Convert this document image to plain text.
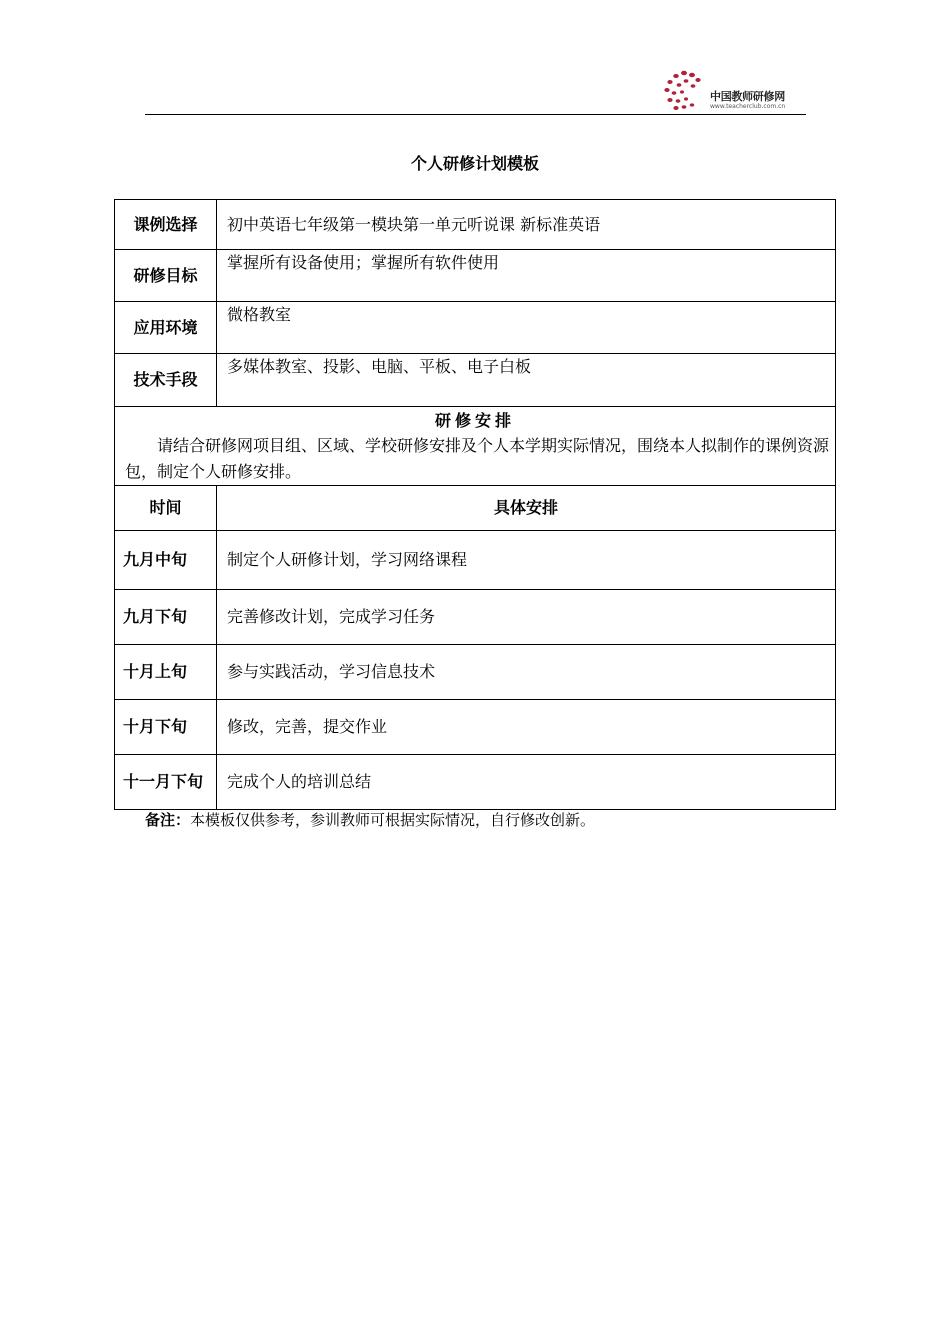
中国教师研修网
www.teacherclub.com.cn
个人研修计划模板
课例选择	初中英语七年级第一模块第一单元听说课 新标准英语
研修目标	掌握所有设备使用；掌握所有软件使用
应用环境	微格教室
技术手段	多媒体教室、投影、电脑、平板、电子白板

研修安排
请结合研修网项目组、区域、学校研修安排及个人本学期实际情况，围绕本人拟制作的课例资源包，制定个人研修安排。	

时间	具体安排
九月中旬	制定个人研修计划，学习网络课程
九月下旬	完善修改计划，完成学习任务
十月上旬	参与实践活动，学习信息技术
十月下旬	修改，完善，提交作业
十一月下旬	完成个人的培训总结
备注：本模板仅供参考，参训教师可根据实际情况，自行修改创新。
